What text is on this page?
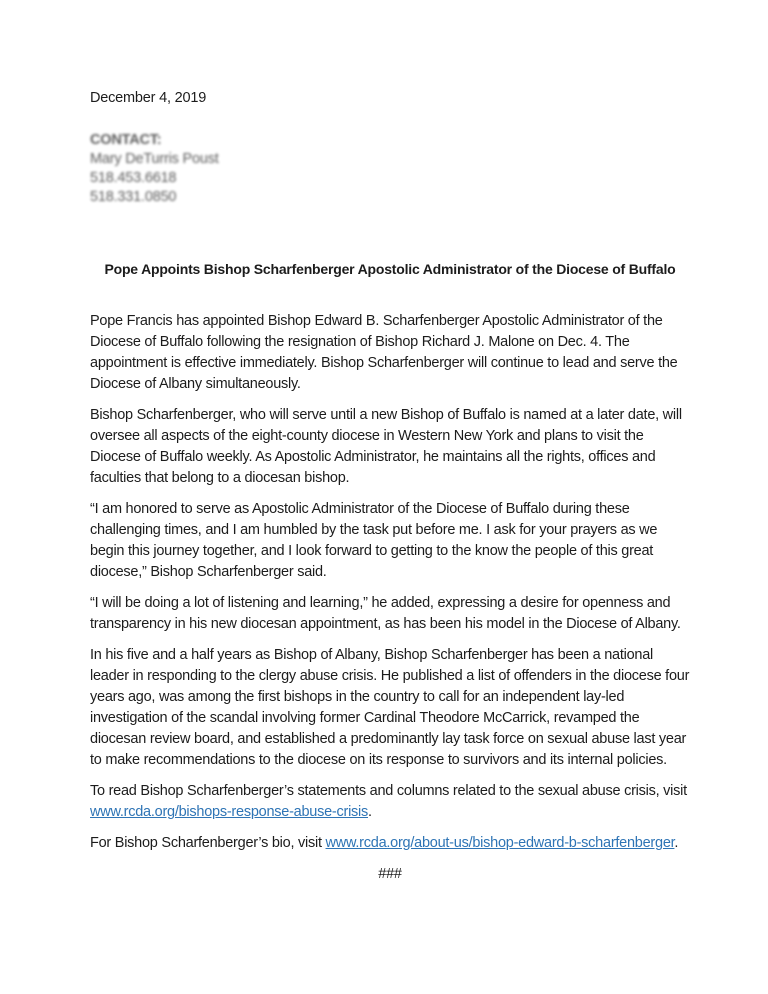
December 4, 2019
CONTACT:
Mary DeTurris Poust
518.453.6618
518.331.0850
Pope Appoints Bishop Scharfenberger Apostolic Administrator of the Diocese of Buffalo

Pope Francis has appointed Bishop Edward B. Scharfenberger Apostolic Administrator of the Diocese of Buffalo following the resignation of Bishop Richard J. Malone on Dec. 4. The appointment is effective immediately. Bishop Scharfenberger will continue to lead and serve the Diocese of Albany simultaneously.

Bishop Scharfenberger, who will serve until a new Bishop of Buffalo is named at a later date, will oversee all aspects of the eight-county diocese in Western New York and plans to visit the Diocese of Buffalo weekly. As Apostolic Administrator, he maintains all the rights, offices and faculties that belong to a diocesan bishop.

“I am honored to serve as Apostolic Administrator of the Diocese of Buffalo during these challenging times, and I am humbled by the task put before me. I ask for your prayers as we begin this journey together, and I look forward to getting to the know the people of this great diocese,” Bishop Scharfenberger said.

“I will be doing a lot of listening and learning,” he added, expressing a desire for openness and transparency in his new diocesan appointment, as has been his model in the Diocese of Albany.

In his five and a half years as Bishop of Albany, Bishop Scharfenberger has been a national leader in responding to the clergy abuse crisis. He published a list of offenders in the diocese four years ago, was among the first bishops in the country to call for an independent lay-led investigation of the scandal involving former Cardinal Theodore McCarrick, revamped the diocesan review board, and established a predominantly lay task force on sexual abuse last year to make recommendations to the diocese on its response to survivors and its internal policies.

To read Bishop Scharfenberger’s statements and columns related to the sexual abuse crisis, visit www.rcda.org/bishops-response-abuse-crisis.

For Bishop Scharfenberger’s bio, visit www.rcda.org/about-us/bishop-edward-b-scharfenberger.

###
